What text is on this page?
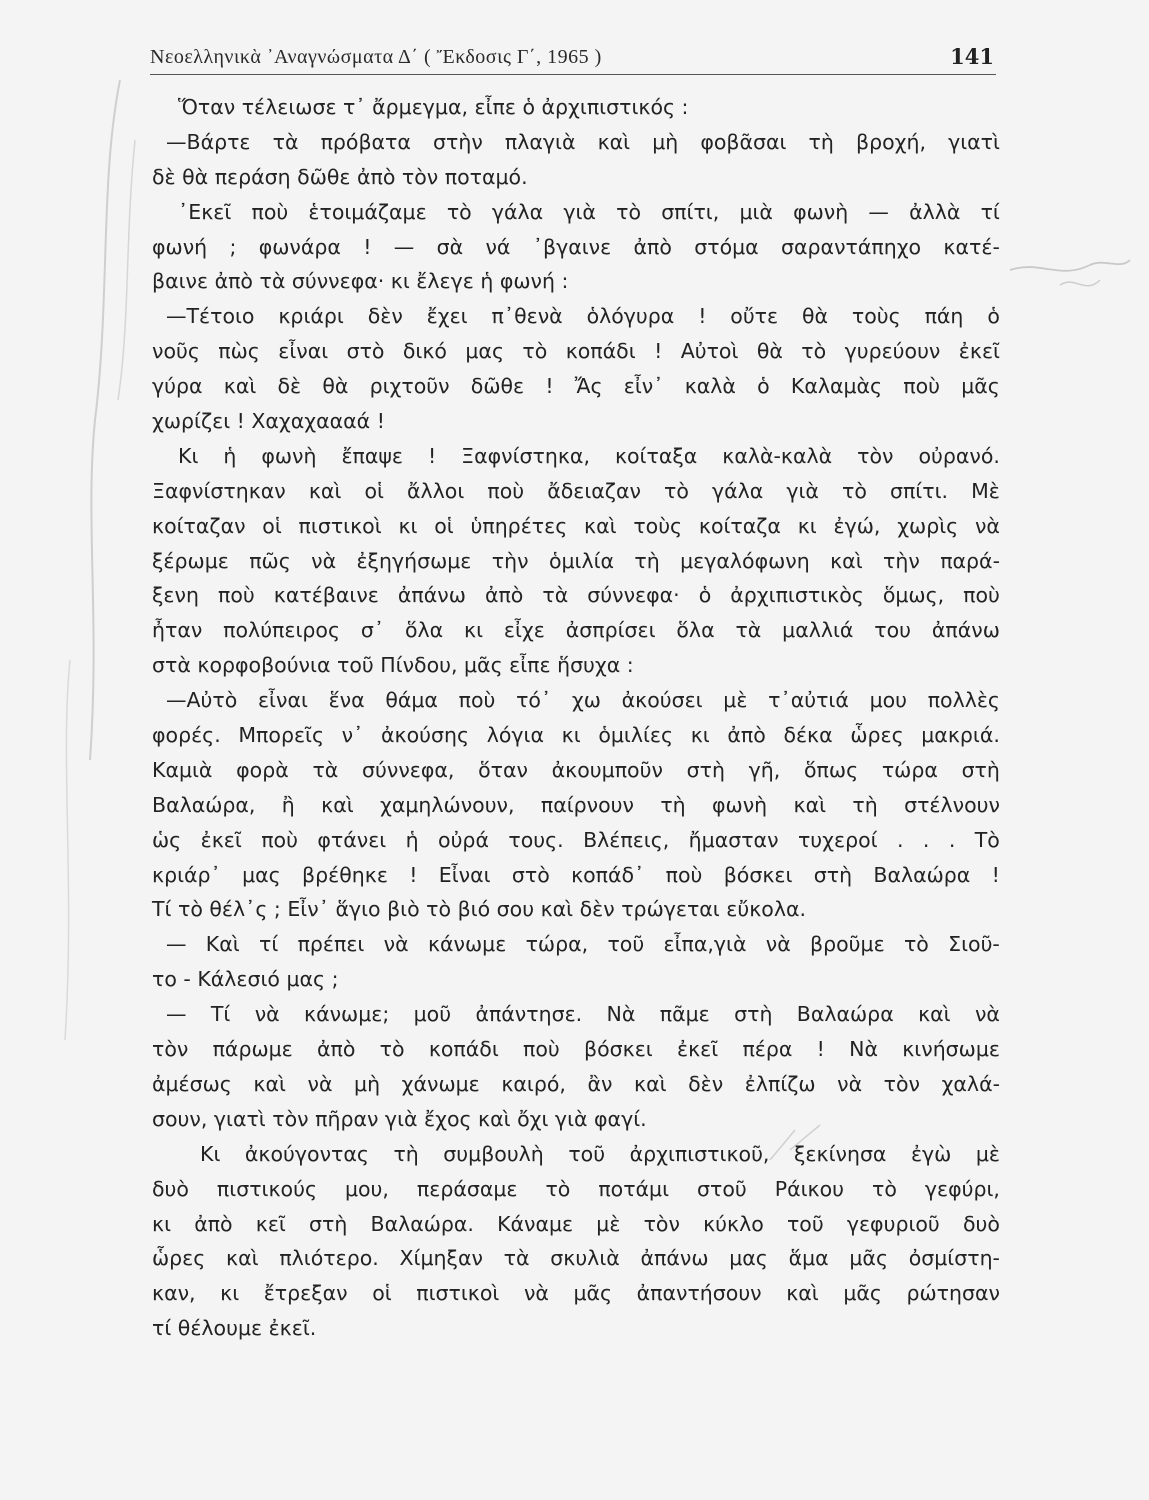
Νεοελληνικὰ ᾿Αναγνώσματα Δ΄ ( Ἔκδοσις Γ΄, 1965 )	141
Ὅταν τέλειωσε τ᾿ ἄρμεγμα, εἶπε ὁ ἀρχιπιστικός :
—Βάρτε τὰ πρόβατα στὴν πλαγιὰ καὶ μὴ φοβᾶσαι τὴ βροχή, γιατὶ
δὲ θὰ περάση δῶθε ἀπὸ τὸν ποταμό.
᾿Εκεῖ ποὺ ἑτοιμάζαμε τὸ γάλα γιὰ τὸ σπίτι, μιὰ φωνὴ — ἀλλὰ τί
φωνή ; φωνάρα ! — σὰ νά ᾿βγαινε ἀπὸ στόμα σαραντάπηχο κατέ-
βαινε ἀπὸ τὰ σύννεφα· κι ἔλεγε ἡ φωνή :
—Τέτοιο κριάρι δὲν ἔχει π᾿θενὰ ὁλόγυρα ! οὔτε θὰ τοὺς πάη ὁ
νοῦς πὼς εἶναι στὸ δικό μας τὸ κοπάδι ! Αὐτοὶ θὰ τὸ γυρεύουν ἐκεῖ
γύρα καὶ δὲ θὰ ριχτοῦν δῶθε ! Ἄς εἶν᾿ καλὰ ὁ Καλαμὰς ποὺ μᾶς
χωρίζει ! Χαχαχαααά !
Κι ἡ φωνὴ ἔπαψε ! Ξαφνίστηκα, κοίταξα καλὰ-καλὰ τὸν οὐρανό.
Ξαφνίστηκαν καὶ οἱ ἄλλοι ποὺ ἄδειαζαν τὸ γάλα γιὰ τὸ σπίτι. Μὲ
κοίταζαν οἱ πιστικοὶ κι οἱ ὑπηρέτες καὶ τοὺς κοίταζα κι ἐγώ, χωρὶς νὰ
ξέρωμε πῶς νὰ ἐξηγήσωμε τὴν ὁμιλία τὴ μεγαλόφωνη καὶ τὴν παρά-
ξενη ποὺ κατέβαινε ἀπάνω ἀπὸ τὰ σύννεφα· ὁ ἀρχιπιστικὸς ὅμως, ποὺ
ἦταν πολύπειρος σ᾿ ὅλα κι εἶχε ἀσπρίσει ὅλα τὰ μαλλιά του ἀπάνω
στὰ κορφοβούνια τοῦ Πίνδου, μᾶς εἶπε ἥσυχα :
—Αὐτὸ εἶναι ἕνα θάμα ποὺ τό᾿ χω ἀκούσει μὲ τ᾿αὐτιά μου πολλὲς
φορές. Μπορεῖς ν᾿ ἀκούσης λόγια κι ὁμιλίες κι ἀπὸ δέκα ὧρες μακριά.
Καμιὰ φορὰ τὰ σύννεφα, ὅταν ἀκουμποῦν στὴ γῆ, ὅπως τώρα στὴ
Βαλαώρα, ἢ καὶ χαμηλώνουν, παίρνουν τὴ φωνὴ καὶ τὴ στέλνουν
ὡς ἐκεῖ ποὺ φτάνει ἡ οὐρά τους. Βλέπεις, ἤμασταν τυχεροί . . . Τὸ
κριάρ᾿ μας βρέθηκε ! Εἶναι στὸ κοπάδ᾿ ποὺ βόσκει στὴ Βαλαώρα !
Τί τὸ θέλ᾿ς ; Εἶν᾿ ἅγιο βιὸ τὸ βιό σου καὶ δὲν τρώγεται εὔκολα.
— Καὶ τί πρέπει νὰ κάνωμε τώρα, τοῦ εἶπα,γιὰ νὰ βροῦμε τὸ Σιοῦ-
το - Κάλεσιό μας ;
— Τί νὰ κάνωμε; μοῦ ἀπάντησε. Νὰ πᾶμε στὴ Βαλαώρα καὶ νὰ
τὸν πάρωμε ἀπὸ τὸ κοπάδι ποὺ βόσκει ἐκεῖ πέρα ! Νὰ κινήσωμε
ἀμέσως καὶ νὰ μὴ χάνωμε καιρό, ἂν καὶ δὲν ἐλπίζω νὰ τὸν χαλά-
σουν, γιατὶ τὸν πῆραν γιὰ ἔχος καὶ ὄχι γιὰ φαγί.
Κι ἀκούγοντας τὴ συμβουλὴ τοῦ ἀρχιπιστικοῦ, ξεκίνησα ἐγὼ μὲ
δυὸ πιστικούς μου, περάσαμε τὸ ποτάμι στοῦ Ράικου τὸ γεφύρι,
κι ἀπὸ κεῖ στὴ Βαλαώρα. Κάναμε μὲ τὸν κύκλο τοῦ γεφυριοῦ δυὸ
ὧρες καὶ πλιότερο. Χίμηξαν τὰ σκυλιὰ ἀπάνω μας ἅμα μᾶς ὀσμίστη-
καν, κι ἔτρεξαν οἱ πιστικοὶ νὰ μᾶς ἀπαντήσουν καὶ μᾶς ρώτησαν
τί θέλουμε ἐκεῖ.
